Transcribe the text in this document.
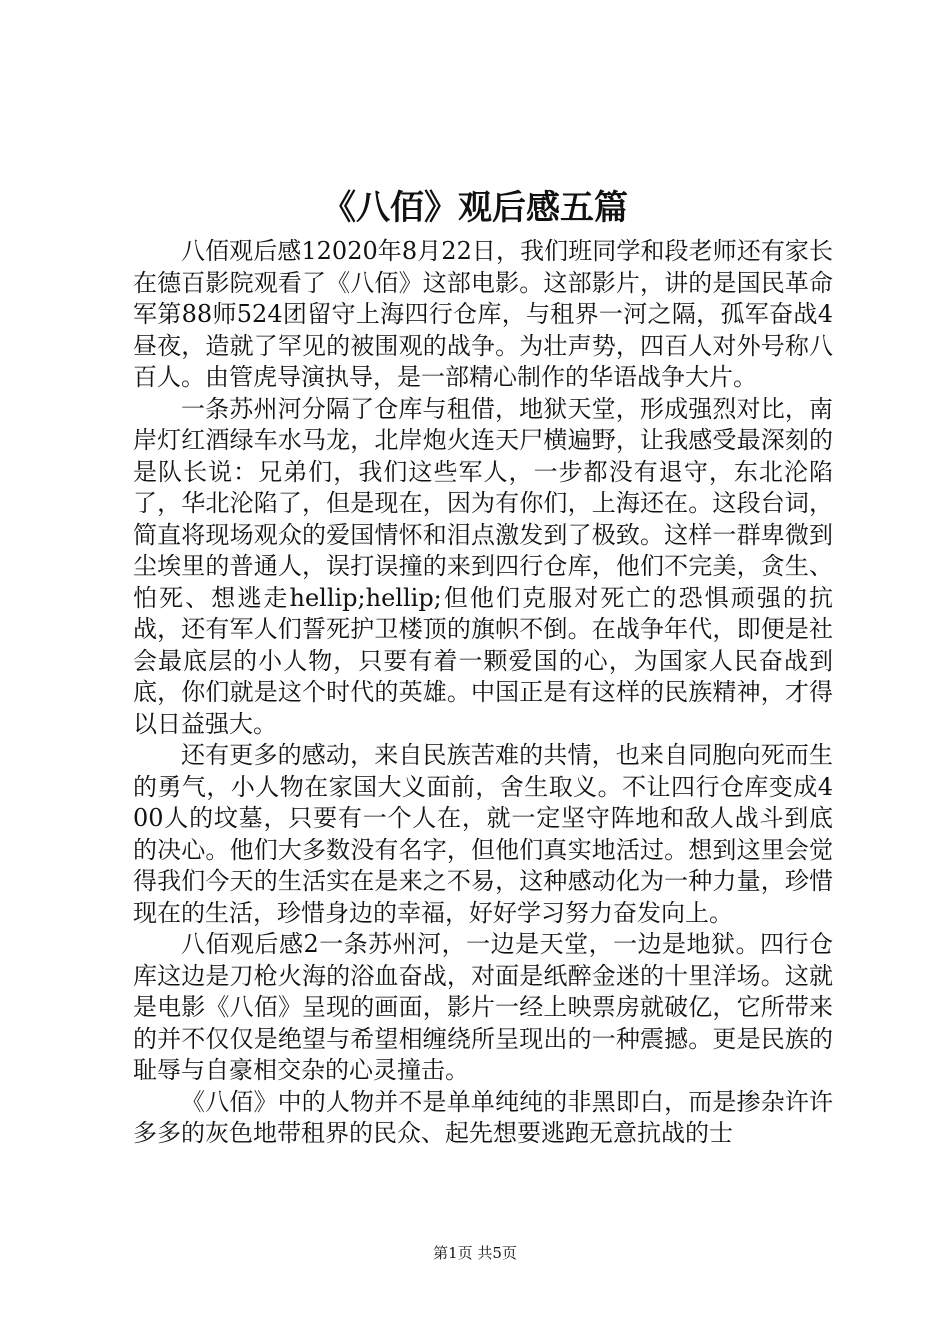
《八佰》观后感五篇

八佰观后感12020年8月22日，我们班同学和段老师还有家长在德百影院观看了《八佰》这部电影。这部影片，讲的是国民革命军第88师524团留守上海四行仓库，与租界一河之隔，孤军奋战4昼夜，造就了罕见的被围观的战争。为壮声势，四百人对外号称八百人。由管虎导演执导，是一部精心制作的华语战争大片。

一条苏州河分隔了仓库与租借，地狱天堂，形成强烈对比，南岸灯红酒绿车水马龙，北岸炮火连天尸横遍野，让我感受最深刻的是队长说：兄弟们，我们这些军人，一步都没有退守，东北沦陷了，华北沦陷了，但是现在，因为有你们，上海还在。这段台词，简直将现场观众的爱国情怀和泪点激发到了极致。这样一群卑微到尘埃里的普通人，误打误撞的来到四行仓库，他们不完美，贪生、怕死、想逃走hellip;hellip;但他们克服对死亡的恐惧顽强的抗战，还有军人们誓死护卫楼顶的旗帜不倒。在战争年代，即便是社会最底层的小人物，只要有着一颗爱国的心，为国家人民奋战到底，你们就是这个时代的英雄。中国正是有这样的民族精神，才得以日益强大。

还有更多的感动，来自民族苦难的共情，也来自同胞向死而生的勇气，小人物在家国大义面前，舍生取义。不让四行仓库变成400人的坟墓，只要有一个人在，就一定坚守阵地和敌人战斗到底的决心。他们大多数没有名字，但他们真实地活过。想到这里会觉得我们今天的生活实在是来之不易，这种感动化为一种力量，珍惜现在的生活，珍惜身边的幸福，好好学习努力奋发向上。

八佰观后感2一条苏州河，一边是天堂，一边是地狱。四行仓库这边是刀枪火海的浴血奋战，对面是纸醉金迷的十里洋场。这就是电影《八佰》呈现的画面，影片一经上映票房就破亿，它所带来的并不仅仅是绝望与希望相缠绕所呈现出的一种震撼。更是民族的耻辱与自豪相交杂的心灵撞击。

《八佰》中的人物并不是单单纯纯的非黑即白，而是掺杂许许多多的灰色地带租界的民众、起先想要逃跑无意抗战的士

第1页 共5页
